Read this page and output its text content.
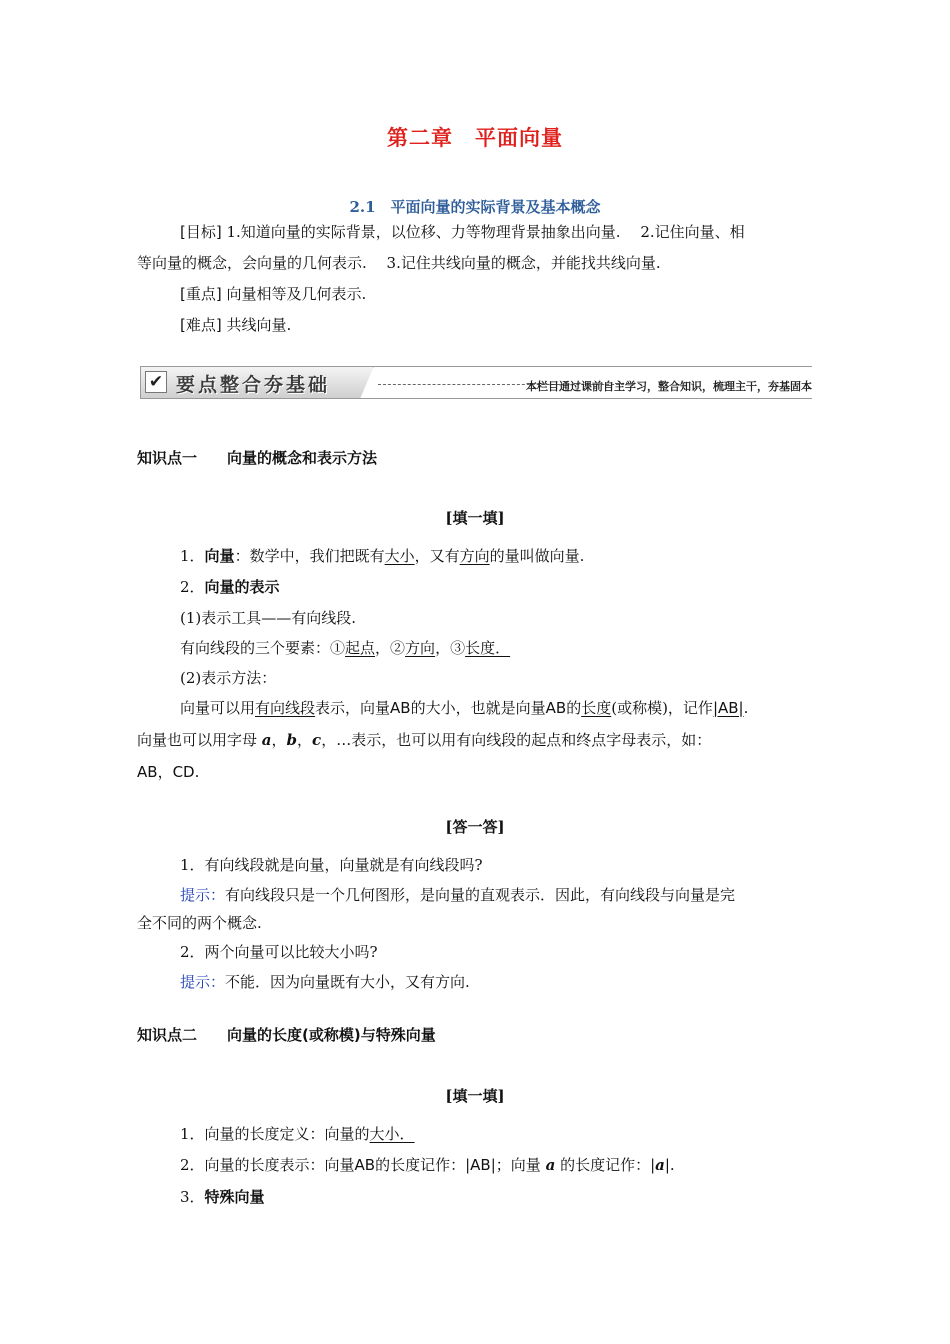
第二章　平面向量
2.1　平面向量的实际背景及基本概念
[目标] 1.知道向量的实际背景，以位移、力等物理背景抽象出向量.　 2.记住向量、相
等向量的概念，会向量的几何表示.　 3.记住共线向量的概念，并能找共线向量.
[重点] 向量相等及几何表示.
[难点] 共线向量.
✔ 要点整合夯基础	本栏目通过课前自主学习，整合知识，梳理主干，夯基固本
知识点一　　向量的概念和表示方法
[填一填]
1．向量：数学中，我们把既有大小，又有方向的量叫做向量.
2．向量的表示
(1)表示工具——有向线段.
有向线段的三个要素：①起点，②方向，③长度．
(2)表示方法：
向量可以用有向线段表示，向量AB的大小，也就是向量AB的长度(或称模)，记作|AB|.
向量也可以用字母 a，b，c，…表示，也可以用有向线段的起点和终点字母表示，如：
AB，CD.
[答一答]
1．有向线段就是向量，向量就是有向线段吗?
提示：有向线段只是一个几何图形，是向量的直观表示．因此，有向线段与向量是完
全不同的两个概念.
2．两个向量可以比较大小吗?
提示：不能．因为向量既有大小，又有方向.
知识点二　　向量的长度(或称模)与特殊向量
[填一填]
1．向量的长度定义：向量的大小．
2．向量的长度表示：向量AB的长度记作：|AB|；向量 a 的长度记作：|a|.
3．特殊向量
